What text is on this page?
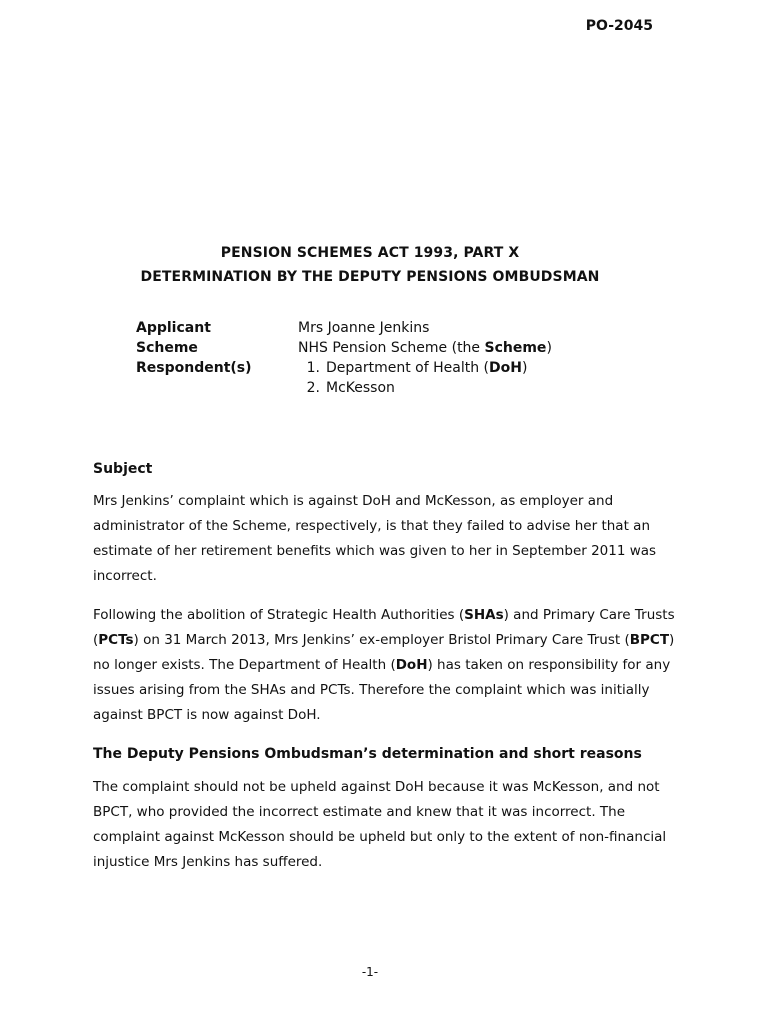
PO-2045
PENSION SCHEMES ACT 1993, PART X
DETERMINATION BY THE DEPUTY PENSIONS OMBUDSMAN
Applicant	Mrs Joanne Jenkins
Scheme	NHS Pension Scheme (the Scheme)
Respondent(s)	1. Department of Health (DoH)
2. McKesson
Subject

Mrs Jenkins’ complaint which is against DoH and McKesson, as employer and administrator of the Scheme, respectively, is that they failed to advise her that an estimate of her retirement benefits which was given to her in September 2011 was incorrect.

Following the abolition of Strategic Health Authorities (SHAs) and Primary Care Trusts (PCTs) on 31 March 2013, Mrs Jenkins’ ex-employer Bristol Primary Care Trust (BPCT) no longer exists. The Department of Health (DoH) has taken on responsibility for any issues arising from the SHAs and PCTs. Therefore the complaint which was initially against BPCT is now against DoH.

The Deputy Pensions Ombudsman’s determination and short reasons

The complaint should not be upheld against DoH because it was McKesson, and not BPCT, who provided the incorrect estimate and knew that it was incorrect. The complaint against McKesson should be upheld but only to the extent of non-financial injustice Mrs Jenkins has suffered.

-1-
